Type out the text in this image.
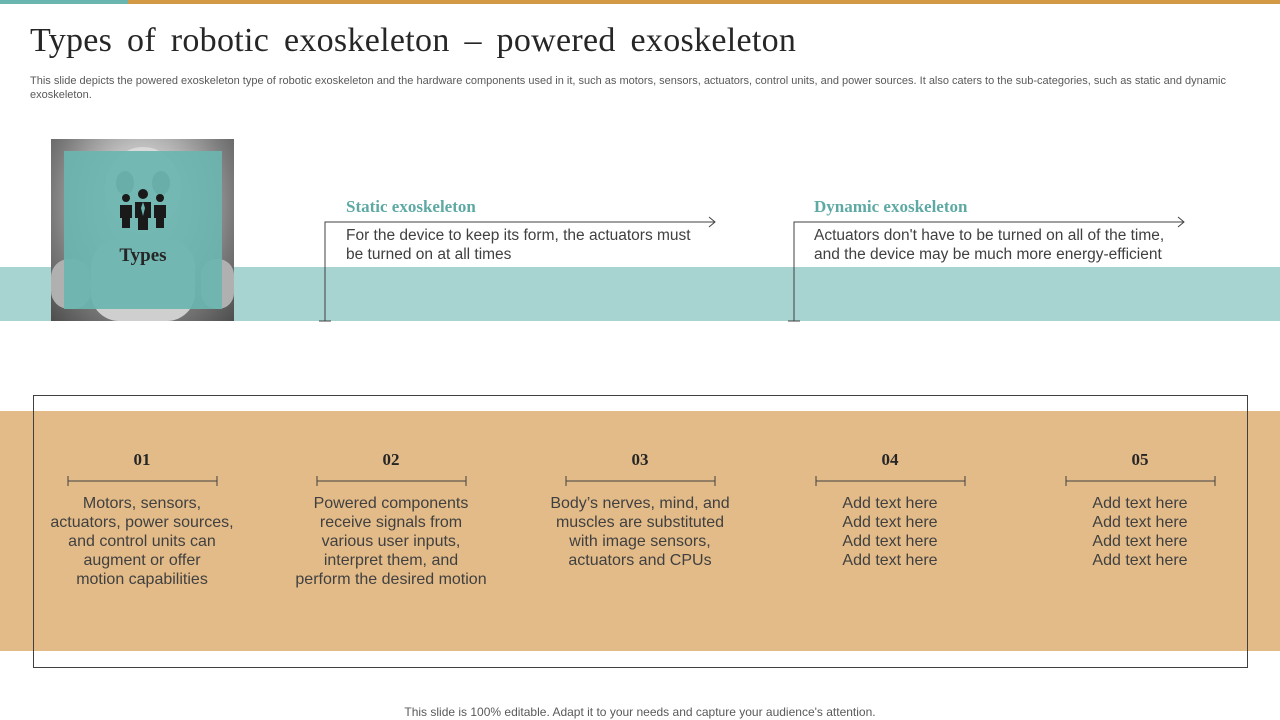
Types of robotic exoskeleton – powered exoskeleton

This slide depicts the powered exoskeleton type of robotic exoskeleton and the hardware components used in it, such as motors, sensors, actuators, control units, and power sources. It also caters to the sub-categories, such as static and dynamic exoskeleton.

Types
Static exoskeleton
For the device to keep its form, the actuators must be turned on at all times
Dynamic exoskeleton
Actuators don't have to be turned on all of the time, and the device may be much more energy-efficient
01
Motors, sensors,
actuators, power sources,
and control units can
augment or offer
motion capabilities
02
Powered components
receive signals from
various user inputs,
interpret them, and
perform the desired motion
03
Body’s nerves, mind, and
muscles are substituted
with image sensors,
actuators and CPUs
04
Add text here
Add text here
Add text here
Add text here
05
Add text here
Add text here
Add text here
Add text here
This slide is 100% editable. Adapt it to your needs and capture your audience's attention.
